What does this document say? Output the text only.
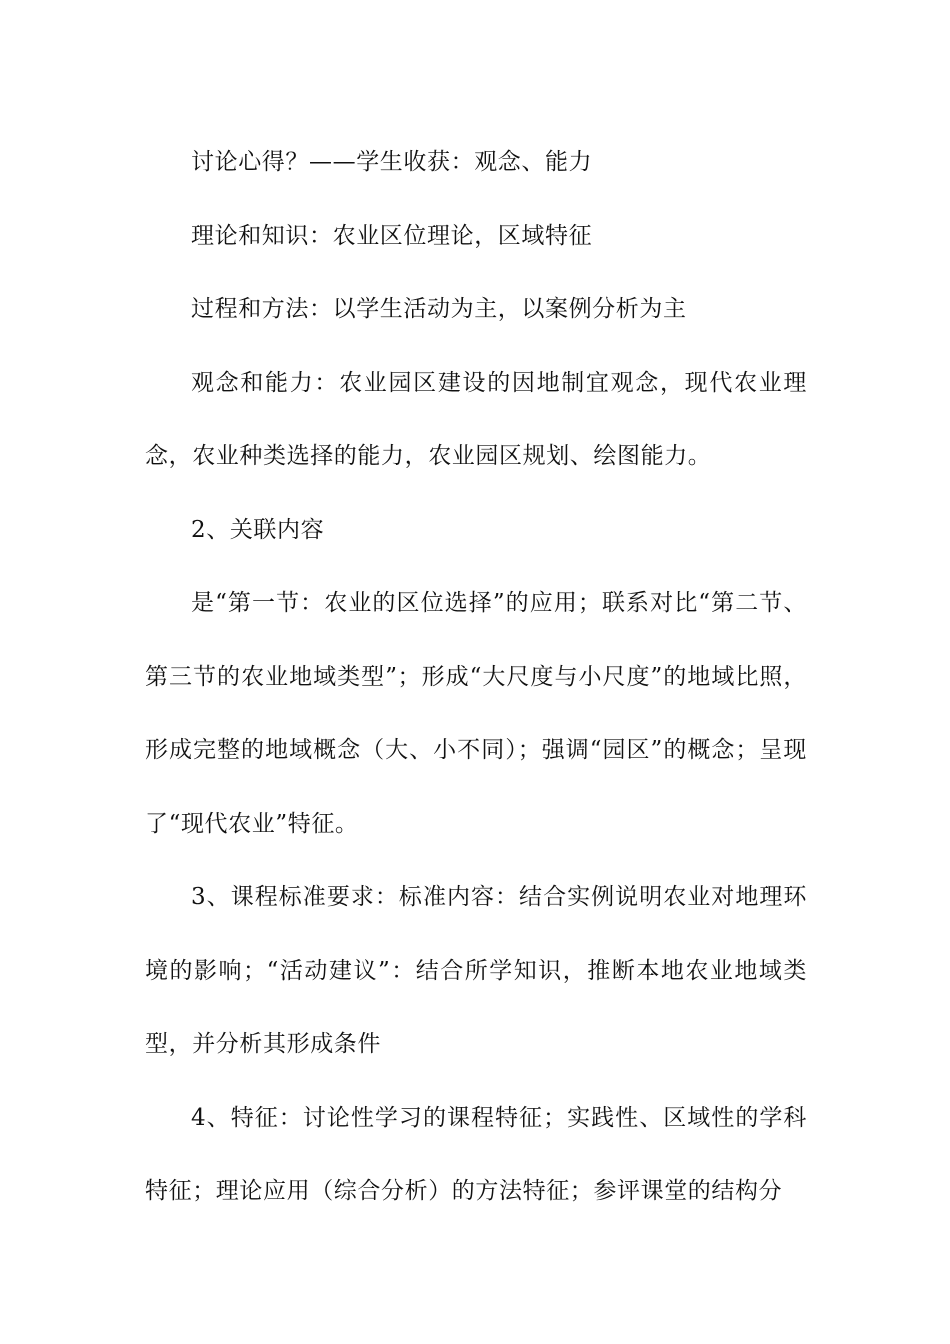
讨论心得？——学生收获：观念、能力

理论和知识：农业区位理论，区域特征

过程和方法：以学生活动为主，以案例分析为主

观念和能力：农业园区建设的因地制宜观念，现代农业理念，农业种类选择的能力，农业园区规划、绘图能力。

2、关联内容

是“第一节：农业的区位选择”的应用；联系对比“第二节、第三节的农业地域类型”；形成“大尺度与小尺度”的地域比照，形成完整的地域概念（大、小不同）；强调“园区”的概念；呈现了“现代农业”特征。

3、课程标准要求：标准内容：结合实例说明农业对地理环境的影响；“活动建议”：结合所学知识，推断本地农业地域类型，并分析其形成条件

4、特征：讨论性学习的课程特征；实践性、区域性的学科特征；理论应用（综合分析）的方法特征；参评课堂的结构分
